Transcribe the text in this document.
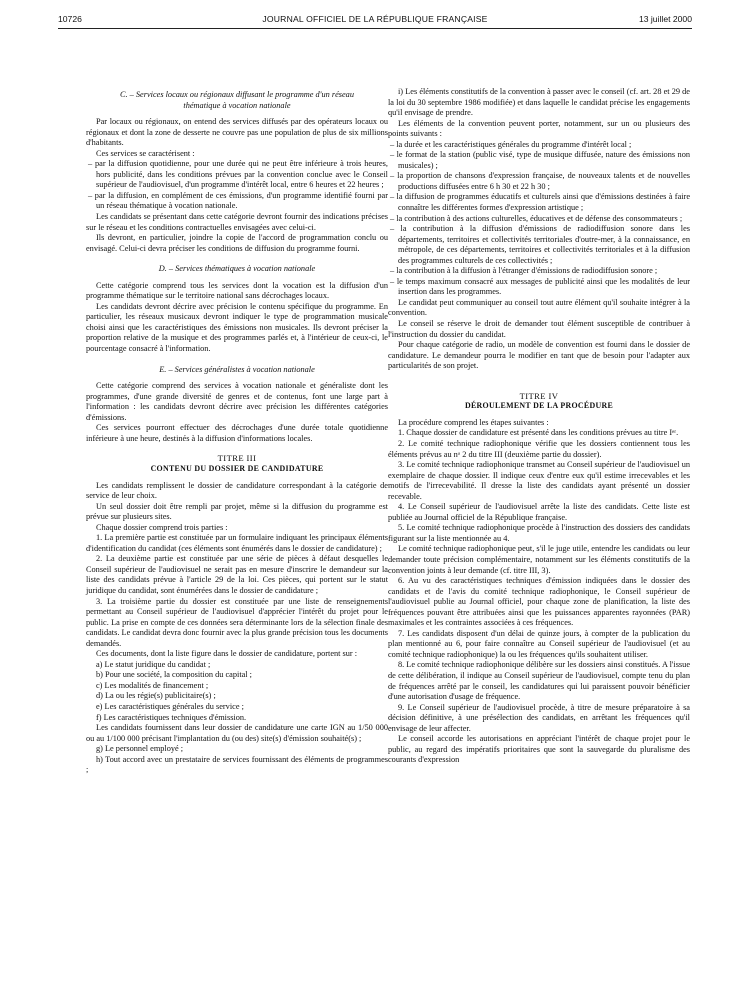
10726	JOURNAL OFFICIEL DE LA RÉPUBLIQUE FRANÇAISE	13 juillet 2000

C. – Services locaux ou régionaux diffusant le programme d'un réseau thématique à vocation nationale

Par locaux ou régionaux, on entend des services diffusés par des opérateurs locaux ou régionaux et dont la zone de desserte ne couvre pas une population de plus de six millions d'habitants.

Ces services se caractérisent :

– par la diffusion quotidienne, pour une durée qui ne peut être inférieure à trois heures, hors publicité, dans les conditions prévues par la convention conclue avec le Conseil supérieur de l'audiovisuel, d'un programme d'intérêt local, entre 6 heures et 22 heures ;

– par la diffusion, en complément de ces émissions, d'un programme identifié fourni par un réseau thématique à vocation nationale.

Les candidats se présentant dans cette catégorie devront fournir des indications précises sur le réseau et les conditions contractuelles envisagées avec celui-ci.

Ils devront, en particulier, joindre la copie de l'accord de programmation conclu ou envisagé. Celui-ci devra préciser les conditions de diffusion du programme fourni.

D. – Services thématiques à vocation nationale

Cette catégorie comprend tous les services dont la vocation est la diffusion d'un programme thématique sur le territoire national sans décrochages locaux.

Les candidats devront décrire avec précision le contenu spécifique du programme. En particulier, les réseaux musicaux devront indiquer le type de programmation musicale choisi ainsi que les caractéristiques des émissions non musicales. Ils devront préciser la proportion relative de la musique et des programmes parlés et, à l'intérieur de ceux-ci, le pourcentage consacré à l'information.

E. – Services généralistes à vocation nationale

Cette catégorie comprend des services à vocation nationale et généraliste dont les programmes, d'une grande diversité de genres et de contenus, font une large part à l'information : les candidats devront décrire avec précision les différentes catégories d'émissions.

Ces services pourront effectuer des décrochages d'une durée totale quotidienne inférieure à une heure, destinés à la diffusion d'informations locales.

TITRE III

CONTENU DU DOSSIER DE CANDIDATURE

Les candidats remplissent le dossier de candidature correspondant à la catégorie de service de leur choix.

Un seul dossier doit être rempli par projet, même si la diffusion du programme est prévue sur plusieurs sites.

Chaque dossier comprend trois parties :

1. La première partie est constituée par un formulaire indiquant les principaux éléments d'identification du candidat (ces éléments sont énumérés dans le dossier de candidature) ;

2. La deuxième partie est constituée par une série de pièces à défaut desquelles le Conseil supérieur de l'audiovisuel ne serait pas en mesure d'inscrire le demandeur sur la liste des candidats prévue à l'article 29 de la loi. Ces pièces, qui portent sur le statut juridique du candidat, sont énumérées dans le dossier de candidature ;

3. La troisième partie du dossier est constituée par une liste de renseignements permettant au Conseil supérieur de l'audiovisuel d'apprécier l'intérêt du projet pour le public. La prise en compte de ces données sera déterminante lors de la sélection finale des candidats. Le candidat devra donc fournir avec la plus grande précision tous les documents demandés.

Ces documents, dont la liste figure dans le dossier de candidature, portent sur :

a) Le statut juridique du candidat ;

b) Pour une société, la composition du capital ;

c) Les modalités de financement ;

d) La ou les régie(s) publicitaire(s) ;

e) Les caractéristiques générales du service ;

f) Les caractéristiques techniques d'émission.

Les candidats fournissent dans leur dossier de candidature une carte IGN au 1/50 000 ou au 1/100 000 précisant l'implantation du (ou des) site(s) d'émission souhaité(s) ;

g) Le personnel employé ;

h) Tout accord avec un prestataire de services fournissant des éléments de programmes ;

i) Les éléments constitutifs de la convention à passer avec le conseil (cf. art. 28 et 29 de la loi du 30 septembre 1986 modifiée) et dans laquelle le candidat précise les engagements qu'il envisage de prendre.

Les éléments de la convention peuvent porter, notamment, sur un ou plusieurs des points suivants :

– la durée et les caractéristiques générales du programme d'intérêt local ;

– le format de la station (public visé, type de musique diffusée, nature des émissions non musicales) ;

– la proportion de chansons d'expression française, de nouveaux talents et de nouvelles productions diffusées entre 6 h 30 et 22 h 30 ;

– la diffusion de programmes éducatifs et culturels ainsi que d'émissions destinées à faire connaître les différentes formes d'expression artistique ;

– la contribution à des actions culturelles, éducatives et de défense des consommateurs ;

– la contribution à la diffusion d'émissions de radiodiffusion sonore dans les départements, territoires et collectivités territoriales d'outre-mer, à la connaissance, en métropole, de ces départements, territoires et collectivités territoriales et à la diffusion des programmes culturels de ces collectivités ;

– la contribution à la diffusion à l'étranger d'émissions de radiodiffusion sonore ;

– le temps maximum consacré aux messages de publicité ainsi que les modalités de leur insertion dans les programmes.

Le candidat peut communiquer au conseil tout autre élément qu'il souhaite intégrer à la convention.

Le conseil se réserve le droit de demander tout élément susceptible de contribuer à l'instruction du dossier du candidat.

Pour chaque catégorie de radio, un modèle de convention est fourni dans le dossier de candidature. Le demandeur pourra le modifier en tant que de besoin pour l'adapter aux particularités de son projet.

TITRE IV

DÉROULEMENT DE LA PROCÉDURE

La procédure comprend les étapes suivantes :

1. Chaque dossier de candidature est présenté dans les conditions prévues au titre Iᵉʳ.

2. Le comité technique radiophonique vérifie que les dossiers contiennent tous les éléments prévus au nᵒ 2 du titre III (deuxième partie du dossier).

3. Le comité technique radiophonique transmet au Conseil supérieur de l'audiovisuel un exemplaire de chaque dossier. Il indique ceux d'entre eux qu'il estime irrecevables et les motifs de l'irrecevabilité. Il dresse la liste des candidats ayant présenté un dossier recevable.

4. Le Conseil supérieur de l'audiovisuel arrête la liste des candidats. Cette liste est publiée au Journal officiel de la République française.

5. Le comité technique radiophonique procède à l'instruction des dossiers des candidats figurant sur la liste mentionnée au 4.

Le comité technique radiophonique peut, s'il le juge utile, entendre les candidats ou leur demander toute précision complémentaire, notamment sur les éléments constitutifs de la convention joints à leur demande (cf. titre III, 3).

6. Au vu des caractéristiques techniques d'émission indiquées dans le dossier des candidats et de l'avis du comité technique radiophonique, le Conseil supérieur de l'audiovisuel publie au Journal officiel, pour chaque zone de planification, la liste des fréquences pouvant être attribuées ainsi que les puissances apparentes rayonnées (PAR) maximales et les contraintes associées à ces fréquences.

7. Les candidats disposent d'un délai de quinze jours, à compter de la publication du plan mentionné au 6, pour faire connaître au Conseil supérieur de l'audiovisuel (et au comité technique radiophonique) la ou les fréquences qu'ils souhaitent utiliser.

8. Le comité technique radiophonique délibère sur les dossiers ainsi constitués. A l'issue de cette délibération, il indique au Conseil supérieur de l'audiovisuel, compte tenu du plan de fréquences arrêté par le conseil, les candidatures qui lui paraissent pouvoir bénéficier d'une autorisation d'usage de fréquence.

9. Le Conseil supérieur de l'audiovisuel procède, à titre de mesure préparatoire à sa décision définitive, à une présélection des candidats, en arrêtant les fréquences qu'il envisage de leur affecter.

Le conseil accorde les autorisations en appréciant l'intérêt de chaque projet pour le public, au regard des impératifs prioritaires que sont la sauvegarde du pluralisme des courants d'expression
